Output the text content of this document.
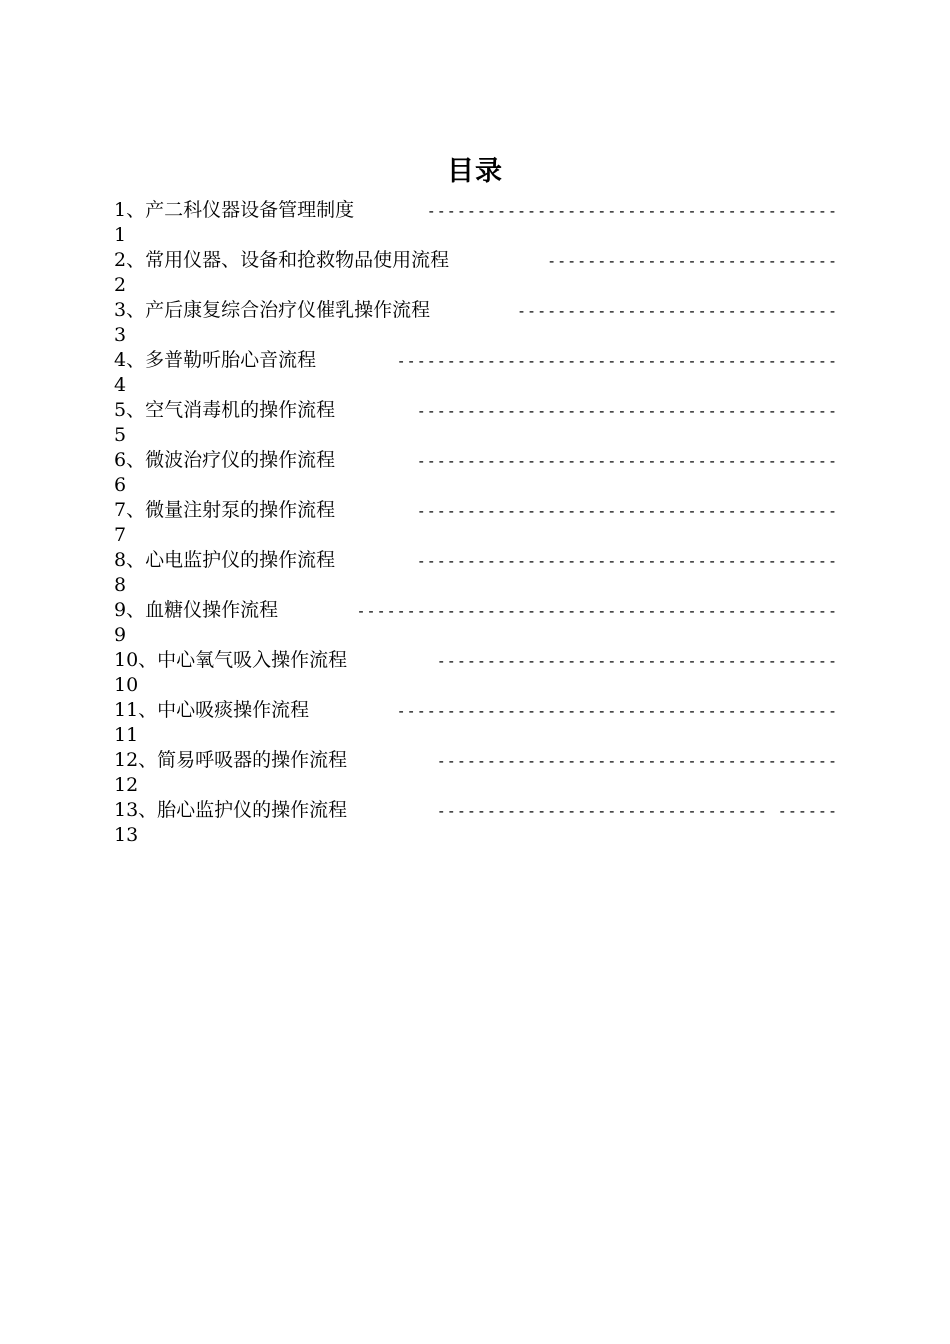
目录
1、产二科仪器设备管理制度	-----------------------------------------
1
2、常用仪器、设备和抢救物品使用流程	-----------------------------
2
3、产后康复综合治疗仪催乳操作流程	--------------------------------
3
4、多普勒听胎心音流程	--------------------------------------------
4
5、空气消毒机的操作流程	------------------------------------------
5
6、微波治疗仪的操作流程	------------------------------------------
6
7、微量注射泵的操作流程	------------------------------------------
7
8、心电监护仪的操作流程	------------------------------------------
8
9、血糖仪操作流程	------------------------------------------------
9
10、中心氧气吸入操作流程	----------------------------------------
10
11、中心吸痰操作流程	--------------------------------------------
11
12、简易呼吸器的操作流程	----------------------------------------
12
13、胎心监护仪的操作流程	--------------------------------- ------
13
